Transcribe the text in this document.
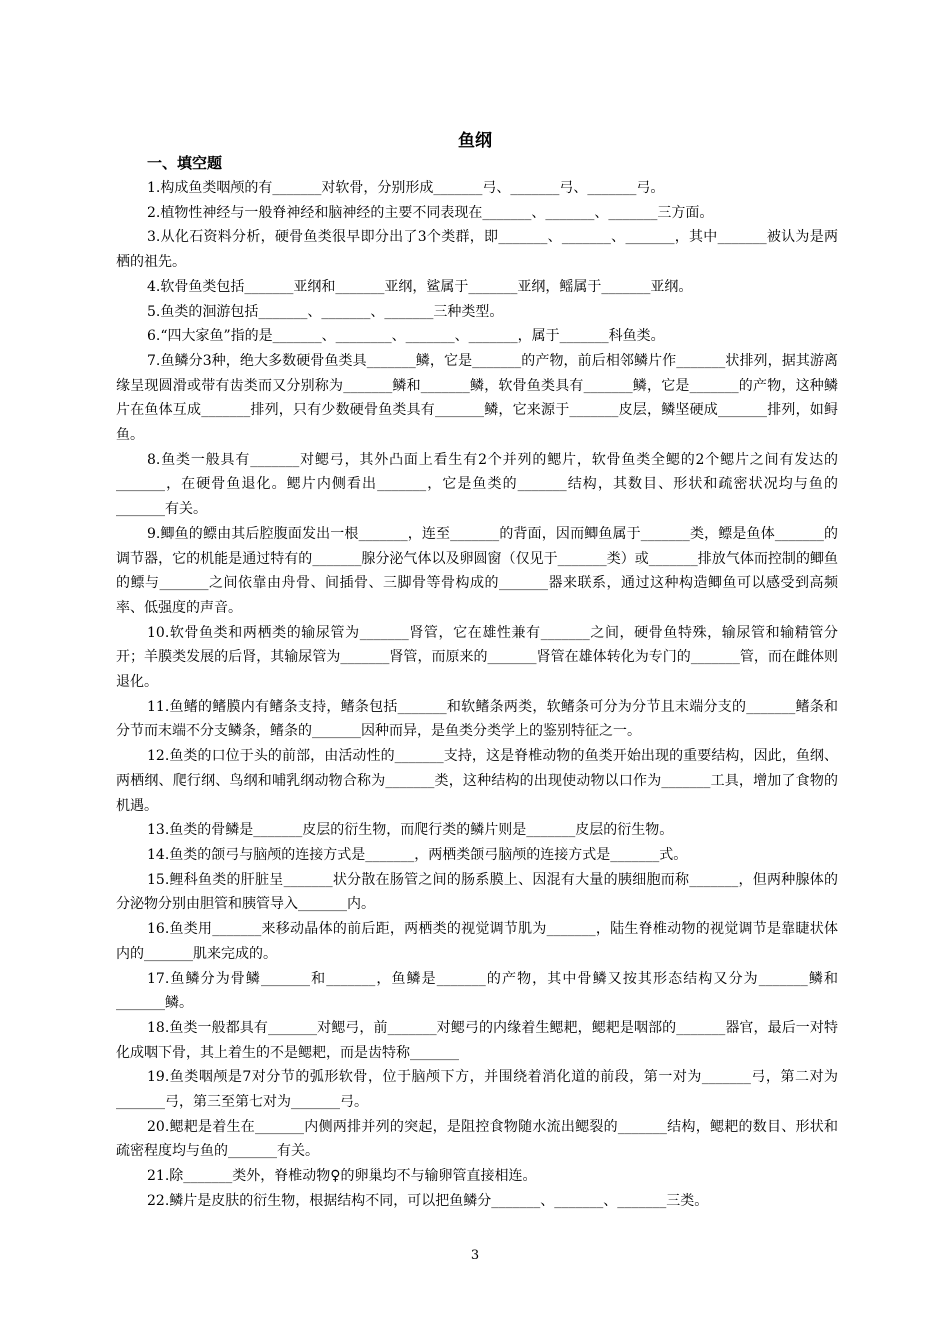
鱼纲
一、填空题

1.构成鱼类咽颅的有_______对软骨，分别形成_______弓、_______弓、_______弓。

2.植物性神经与一般脊神经和脑神经的主要不同表现在_______、_______、_______三方面。

3.从化石资料分析，硬骨鱼类很早即分出了3个类群，即_______、_______、_______，其中_______被认为是两栖的祖先。

4.软骨鱼类包括_______亚纲和_______亚纲，鲨属于_______亚纲，鳐属于_______亚纲。

5.鱼类的洄游包括_______、_______、_______三种类型。

6.“四大家鱼”指的是_______、________、_______、_______，属于_______科鱼类。

7.鱼鳞分3种，绝大多数硬骨鱼类具_______鳞，它是_______的产物，前后相邻鳞片作_______状排列，据其游离缘呈现圆滑或带有齿类而又分别称为_______鳞和_______鳞，软骨鱼类具有_______鳞，它是_______的产物，这种鳞片在鱼体互成_______排列，只有少数硬骨鱼类具有_______鳞，它来源于_______皮层，鳞坚硬成_______排列，如鲟鱼。

8.鱼类一般具有_______对鳃弓，其外凸面上看生有2个并列的鳃片，软骨鱼类全鳃的2个鳃片之间有发达的_______，在硬骨鱼退化。鳃片内侧看出_______，它是鱼类的_______结构，其数目、形状和疏密状况均与鱼的_______有关。

9.鲫鱼的鳔由其后腔腹面发出一根_______，连至_______的背面，因而鲫鱼属于_______类，鳔是鱼体_______的调节器，它的机能是通过特有的_______腺分泌气体以及卵圆窗（仅见于_______类）或_______排放气体而控制的鲫鱼的鳔与_______之间依靠由舟骨、间插骨、三脚骨等骨构成的_______器来联系，通过这种构造鲫鱼可以感受到高频率、低强度的声音。

10.软骨鱼类和两栖类的输尿管为_______肾管，它在雄性兼有_______之间，硬骨鱼特殊，输尿管和输精管分开；羊膜类发展的后肾，其输尿管为_______肾管，而原来的_______肾管在雄体转化为专门的_______管，而在雌体则退化。

11.鱼鳍的鳍膜内有鳍条支持，鳍条包括_______和软鳍条两类，软鳍条可分为分节且末端分支的_______鳍条和分节而末端不分支鳞条，鳍条的_______因种而异，是鱼类分类学上的鉴别特征之一。

12.鱼类的口位于头的前部，由活动性的_______支持，这是脊椎动物的鱼类开始出现的重要结构，因此，鱼纲、两栖纲、爬行纲、鸟纲和哺乳纲动物合称为_______类，这种结构的出现使动物以口作为_______工具，增加了食物的机遇。

13.鱼类的骨鳞是_______皮层的衍生物，而爬行类的鳞片则是_______皮层的衍生物。

14.鱼类的颌弓与脑颅的连接方式是_______，两栖类颌弓脑颅的连接方式是_______式。

15.鲤科鱼类的肝脏呈_______状分散在肠管之间的肠系膜上、因混有大量的胰细胞而称_______，但两种腺体的分泌物分别由胆管和胰管导入_______内。

16.鱼类用_______来移动晶体的前后距，两栖类的视觉调节肌为_______，陆生脊椎动物的视觉调节是靠睫状体内的_______肌来完成的。

17.鱼鳞分为骨鳞_______和_______，鱼鳞是_______的产物，其中骨鳞又按其形态结构又分为_______鳞和_______鳞。

18.鱼类一般都具有_______对鳃弓，前_______对鳃弓的内缘着生鳃耙，鳃耙是咽部的_______器官，最后一对特化成咽下骨，其上着生的不是鳃耙，而是齿特称_______

19.鱼类咽颅是7对分节的弧形软骨，位于脑颅下方，并围绕着消化道的前段，第一对为_______弓，第二对为_______弓，第三至第七对为_______弓。

20.鳃耙是着生在_______内侧两排并列的突起，是阻控食物随水流出鳃裂的_______结构，鳃耙的数目、形状和疏密程度均与鱼的_______有关。

21.除_______类外，脊椎动物♀的卵巢均不与输卵管直接相连。

22.鳞片是皮肤的衍生物，根据结构不同，可以把鱼鳞分_______、_______、_______三类。

3
